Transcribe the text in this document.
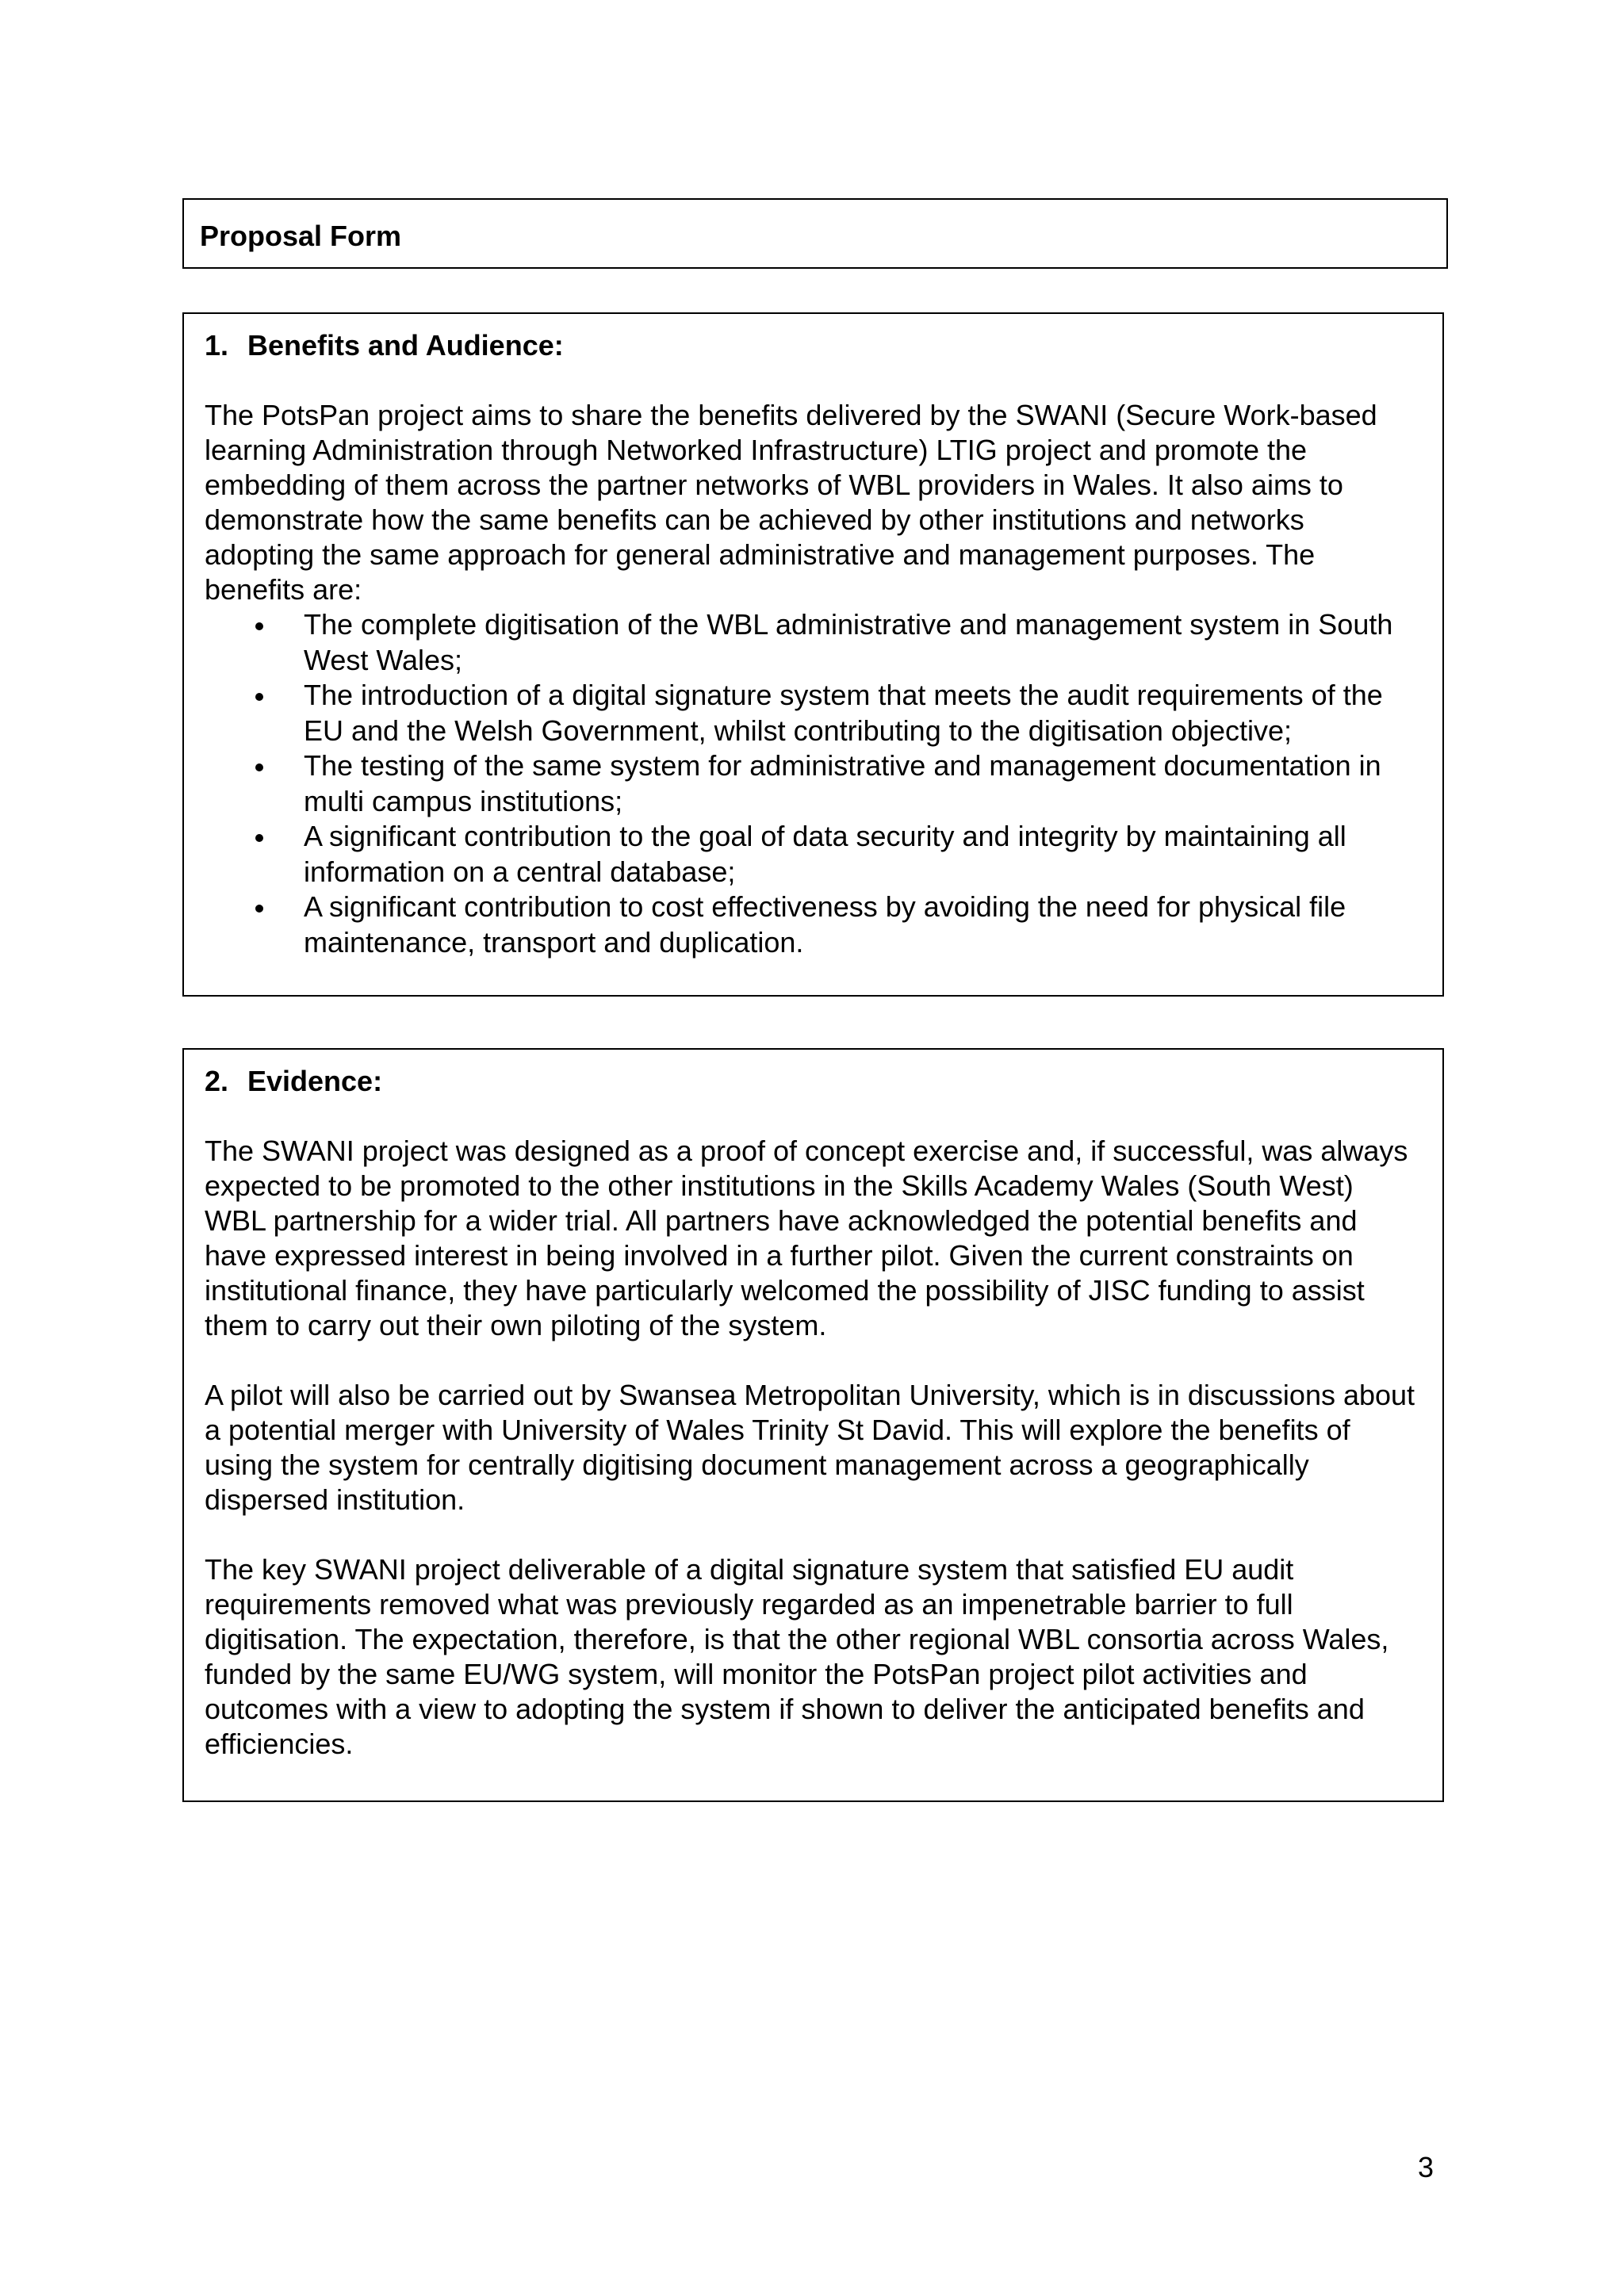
Proposal Form
1. Benefits and Audience:

The PotsPan project aims to share the benefits delivered by the SWANI (Secure Work-based learning Administration through Networked Infrastructure) LTIG project and promote the embedding of them across the partner networks of WBL providers in Wales. It also aims to demonstrate how the same benefits can be achieved by other institutions and networks adopting the same approach for general administrative and management purposes. The benefits are:

The complete digitisation of the WBL administrative and management system in South West Wales;
The introduction of a digital signature system that meets the audit requirements of the EU and the Welsh Government, whilst contributing to the digitisation objective;
The testing of the same system for administrative and management documentation in multi campus institutions;
A significant contribution to the goal of data security and integrity by maintaining all information on a central database;
A significant contribution to cost effectiveness by avoiding the need for physical file maintenance, transport and duplication.
2. Evidence:

The SWANI project was designed as a proof of concept exercise and, if successful, was always expected to be promoted to the other institutions in the Skills Academy Wales (South West) WBL partnership for a wider trial. All partners have acknowledged the potential benefits and have expressed interest in being involved in a further pilot. Given the current constraints on institutional finance, they have particularly welcomed the possibility of JISC funding to assist them to carry out their own piloting of the system.

A pilot will also be carried out by Swansea Metropolitan University, which is in discussions about a potential merger with University of Wales Trinity St David. This will explore the benefits of using the system for centrally digitising document management across a geographically dispersed institution.

The key SWANI project deliverable of a digital signature system that satisfied EU audit requirements removed what was previously regarded as an impenetrable barrier to full digitisation. The expectation, therefore, is that the other regional WBL consortia across Wales, funded by the same EU/WG system, will monitor the PotsPan project pilot activities and outcomes with a view to adopting the system if shown to deliver the anticipated benefits and efficiencies.

3
